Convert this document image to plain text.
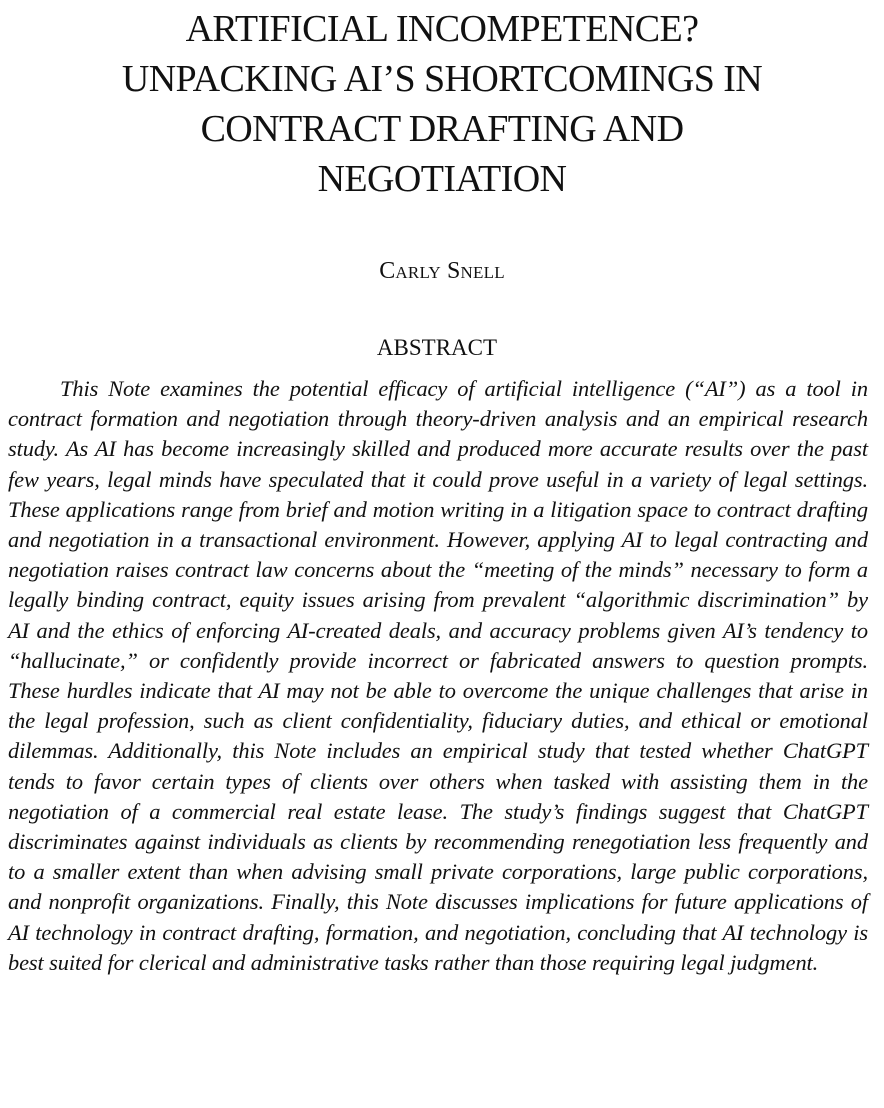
ARTIFICIAL INCOMPETENCE?
UNPACKING AI’S SHORTCOMINGS IN
CONTRACT DRAFTING AND
NEGOTIATION

Carly Snell

ABSTRACT

This Note examines the potential efficacy of artificial intelligence (“AI”) as a tool in contract formation and negotiation through theory-driven analysis and an empirical research study. As AI has become increasingly skilled and produced more accurate results over the past few years, legal minds have speculated that it could prove useful in a variety of legal settings. These applications range from brief and motion writing in a litigation space to contract drafting and negotiation in a transactional environment. However, applying AI to legal contracting and negotiation raises contract law concerns about the “meeting of the minds” necessary to form a legally binding contract, equity issues arising from prevalent “algorithmic discrimination” by AI and the ethics of enforcing AI-created deals, and accuracy problems given AI’s tendency to “hallucinate,” or confidently provide incorrect or fabricated answers to question prompts. These hurdles indicate that AI may not be able to overcome the unique challenges that arise in the legal profession, such as client confidentiality, fiduciary duties, and ethical or emotional dilemmas. Additionally, this Note includes an empirical study that tested whether ChatGPT tends to favor certain types of clients over others when tasked with assisting them in the negotiation of a commercial real estate lease. The study’s findings suggest that ChatGPT discriminates against individuals as clients by recommending renegotiation less frequently and to a smaller extent than when advising small private corporations, large public corporations, and nonprofit organizations. Finally, this Note discusses implications for future applications of AI technology in contract drafting, formation, and negotiation, concluding that AI technology is best suited for clerical and administrative tasks rather than those requiring legal judgment.
